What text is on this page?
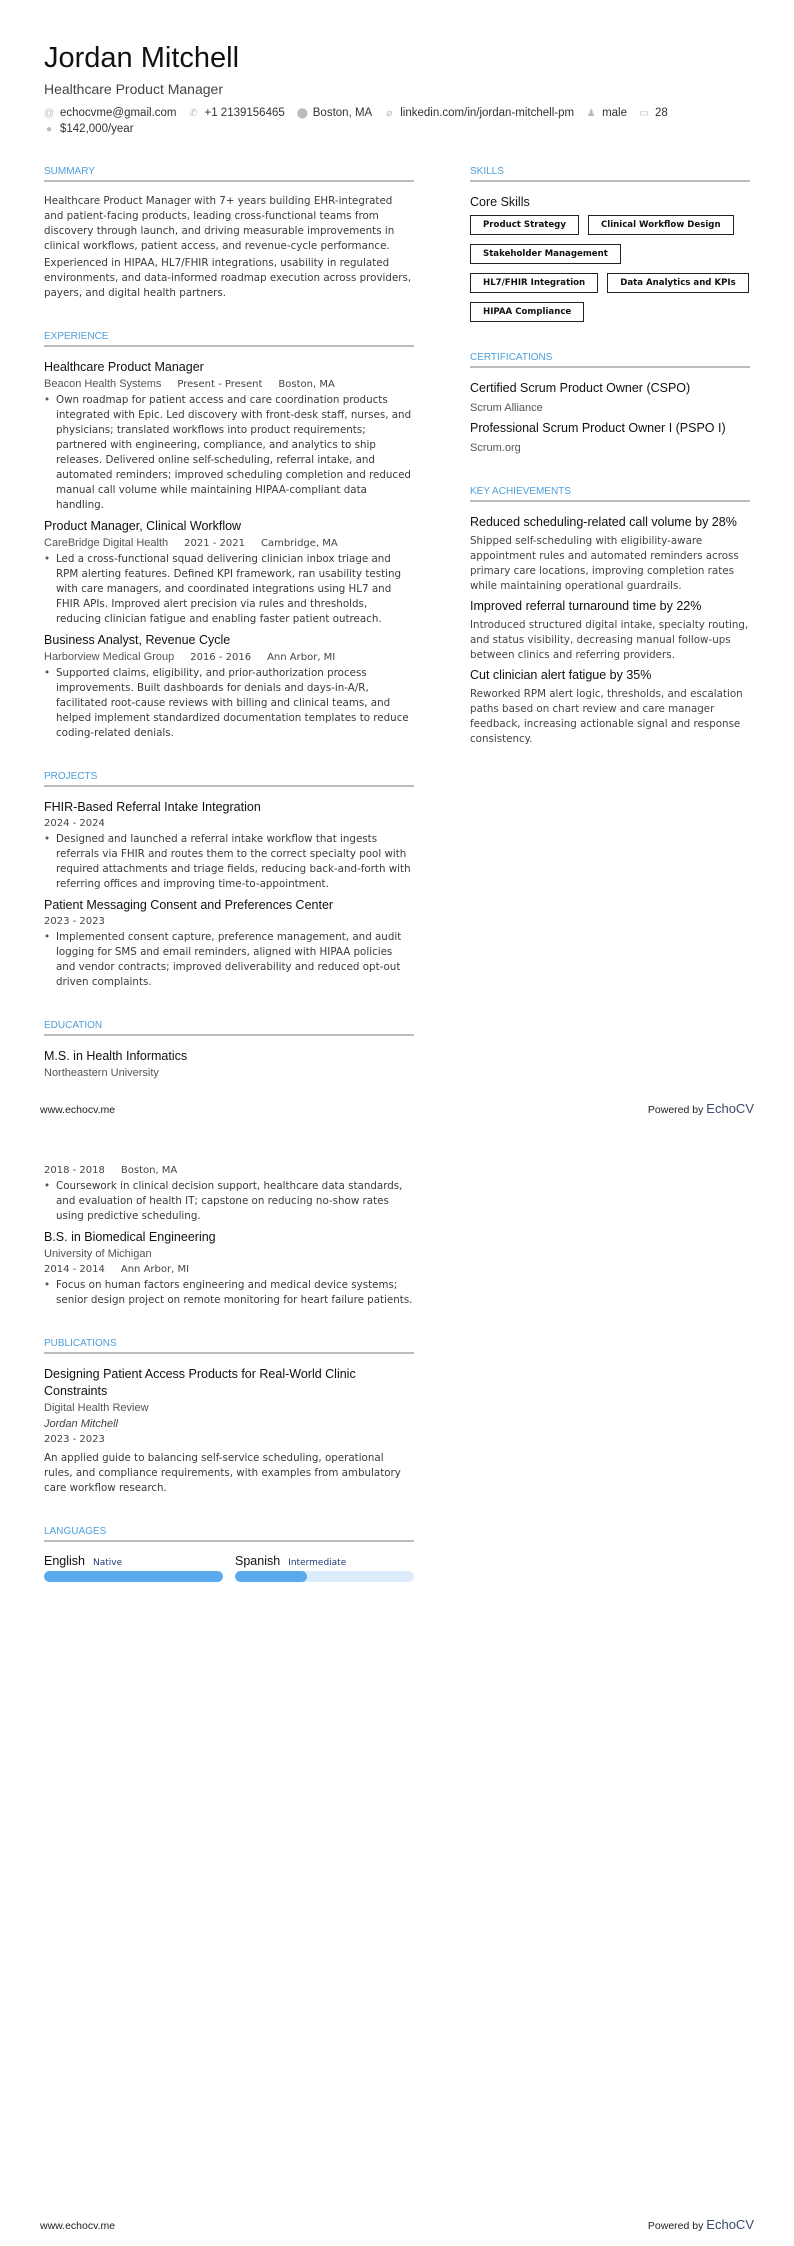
Jordan Mitchell
Healthcare Product Manager
@ echocvme@gmail.com ✆ +1 2139156465 ⬤ Boston, MA ⌀ linkedin.com/in/jordan-mitchell-pm ♟ male ▭ 28
● $142,000/year
SUMMARY

Healthcare Product Manager with 7+ years building EHR-integrated and patient-facing products, leading cross-functional teams from discovery through launch, and driving measurable improvements in clinical workflows, patient access, and revenue-cycle performance.

Experienced in HIPAA, HL7/FHIR integrations, usability in regulated environments, and data-informed roadmap execution across providers, payers, and digital health partners.

EXPERIENCE
Healthcare Product Manager
Beacon Health Systems Present - Present Boston, MA
• Own roadmap for patient access and care coordination products integrated with Epic. Led discovery with front-desk staff, nurses, and physicians; translated workflows into product requirements; partnered with engineering, compliance, and analytics to ship releases. Delivered online self-scheduling, referral intake, and automated reminders; improved scheduling completion and reduced manual call volume while maintaining HIPAA-compliant data handling.
Product Manager, Clinical Workflow
CareBridge Digital Health 2021 - 2021 Cambridge, MA
• Led a cross-functional squad delivering clinician inbox triage and RPM alerting features. Defined KPI framework, ran usability testing with care managers, and coordinated integrations using HL7 and FHIR APIs. Improved alert precision via rules and thresholds, reducing clinician fatigue and enabling faster patient outreach.
Business Analyst, Revenue Cycle
Harborview Medical Group 2016 - 2016 Ann Arbor, MI
• Supported claims, eligibility, and prior-authorization process improvements. Built dashboards for denials and days-in-A/R, facilitated root-cause reviews with billing and clinical teams, and helped implement standardized documentation templates to reduce coding-related denials.
PROJECTS
FHIR-Based Referral Intake Integration
2024 - 2024
• Designed and launched a referral intake workflow that ingests referrals via FHIR and routes them to the correct specialty pool with required attachments and triage fields, reducing back-and-forth with referring offices and improving time-to-appointment.
Patient Messaging Consent and Preferences Center
2023 - 2023
• Implemented consent capture, preference management, and audit logging for SMS and email reminders, aligned with HIPAA policies and vendor contracts; improved deliverability and reduced opt-out driven complaints.
EDUCATION
M.S. in Health Informatics
Northeastern University
SKILLS
Core Skills
Product Strategy	Clinical Workflow Design
Stakeholder Management
HL7/FHIR Integration	Data Analytics and KPIs
HIPAA Compliance
CERTIFICATIONS
Certified Scrum Product Owner (CSPO)
Scrum Alliance
Professional Scrum Product Owner I (PSPO I)
Scrum.org
KEY ACHIEVEMENTS
Reduced scheduling-related call volume by 28%
Shipped self-scheduling with eligibility-aware appointment rules and automated reminders across primary care locations, improving completion rates while maintaining operational guardrails.
Improved referral turnaround time by 22%
Introduced structured digital intake, specialty routing, and status visibility, decreasing manual follow-ups between clinics and referring providers.
Cut clinician alert fatigue by 35%
Reworked RPM alert logic, thresholds, and escalation paths based on chart review and care manager feedback, increasing actionable signal and response consistency.
www.echocv.me	Powered by EchoCV
2018 - 2018 Boston, MA
• Coursework in clinical decision support, healthcare data standards, and evaluation of health IT; capstone on reducing no-show rates using predictive scheduling.
B.S. in Biomedical Engineering
University of Michigan
2014 - 2014 Ann Arbor, MI
• Focus on human factors engineering and medical device systems; senior design project on remote monitoring for heart failure patients.
PUBLICATIONS
Designing Patient Access Products for Real-World Clinic Constraints
Digital Health Review
Jordan Mitchell
2023 - 2023

An applied guide to balancing self-service scheduling, operational rules, and compliance requirements, with examples from ambulatory care workflow research.

LANGUAGES
English Native	Spanish Intermediate
www.echocv.me	Powered by EchoCV
